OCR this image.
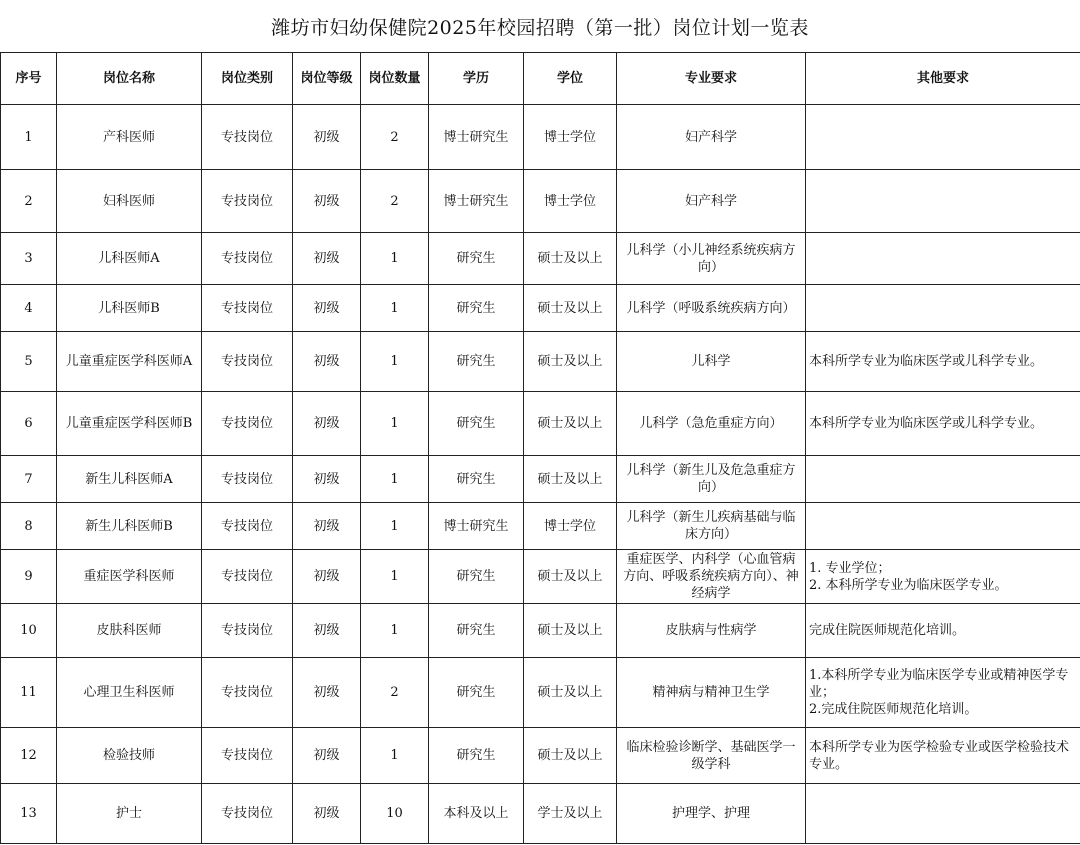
潍坊市妇幼保健院2025年校园招聘（第一批）岗位计划一览表
序号	岗位名称	岗位类别	岗位等级	岗位数量	学历	学位	专业要求	其他要求
1	产科医师	专技岗位	初级	2	博士研究生	博士学位	妇产科学	
2	妇科医师	专技岗位	初级	2	博士研究生	博士学位	妇产科学	
3	儿科医师A	专技岗位	初级	1	研究生	硕士及以上	儿科学（小儿神经系统疾病方向）	
4	儿科医师B	专技岗位	初级	1	研究生	硕士及以上	儿科学（呼吸系统疾病方向）	
5	儿童重症医学科医师A	专技岗位	初级	1	研究生	硕士及以上	儿科学	本科所学专业为临床医学或儿科学专业。
6	儿童重症医学科医师B	专技岗位	初级	1	研究生	硕士及以上	儿科学（急危重症方向）	本科所学专业为临床医学或儿科学专业。
7	新生儿科医师A	专技岗位	初级	1	研究生	硕士及以上	儿科学（新生儿及危急重症方向）	
8	新生儿科医师B	专技岗位	初级	1	博士研究生	博士学位	儿科学（新生儿疾病基础与临床方向）	
9	重症医学科医师	专技岗位	初级	1	研究生	硕士及以上	重症医学、内科学（心血管病方向、呼吸系统疾病方向）、神经病学	1. 专业学位；
2. 本科所学专业为临床医学专业。
10	皮肤科医师	专技岗位	初级	1	研究生	硕士及以上	皮肤病与性病学	完成住院医师规范化培训。
11	心理卫生科医师	专技岗位	初级	2	研究生	硕士及以上	精神病与精神卫生学	1.本科所学专业为临床医学专业或精神医学专业；
2.完成住院医师规范化培训。
12	检验技师	专技岗位	初级	1	研究生	硕士及以上	临床检验诊断学、基础医学一级学科	本科所学专业为医学检验专业或医学检验技术专业。
13	护士	专技岗位	初级	10	本科及以上	学士及以上	护理学、护理	
